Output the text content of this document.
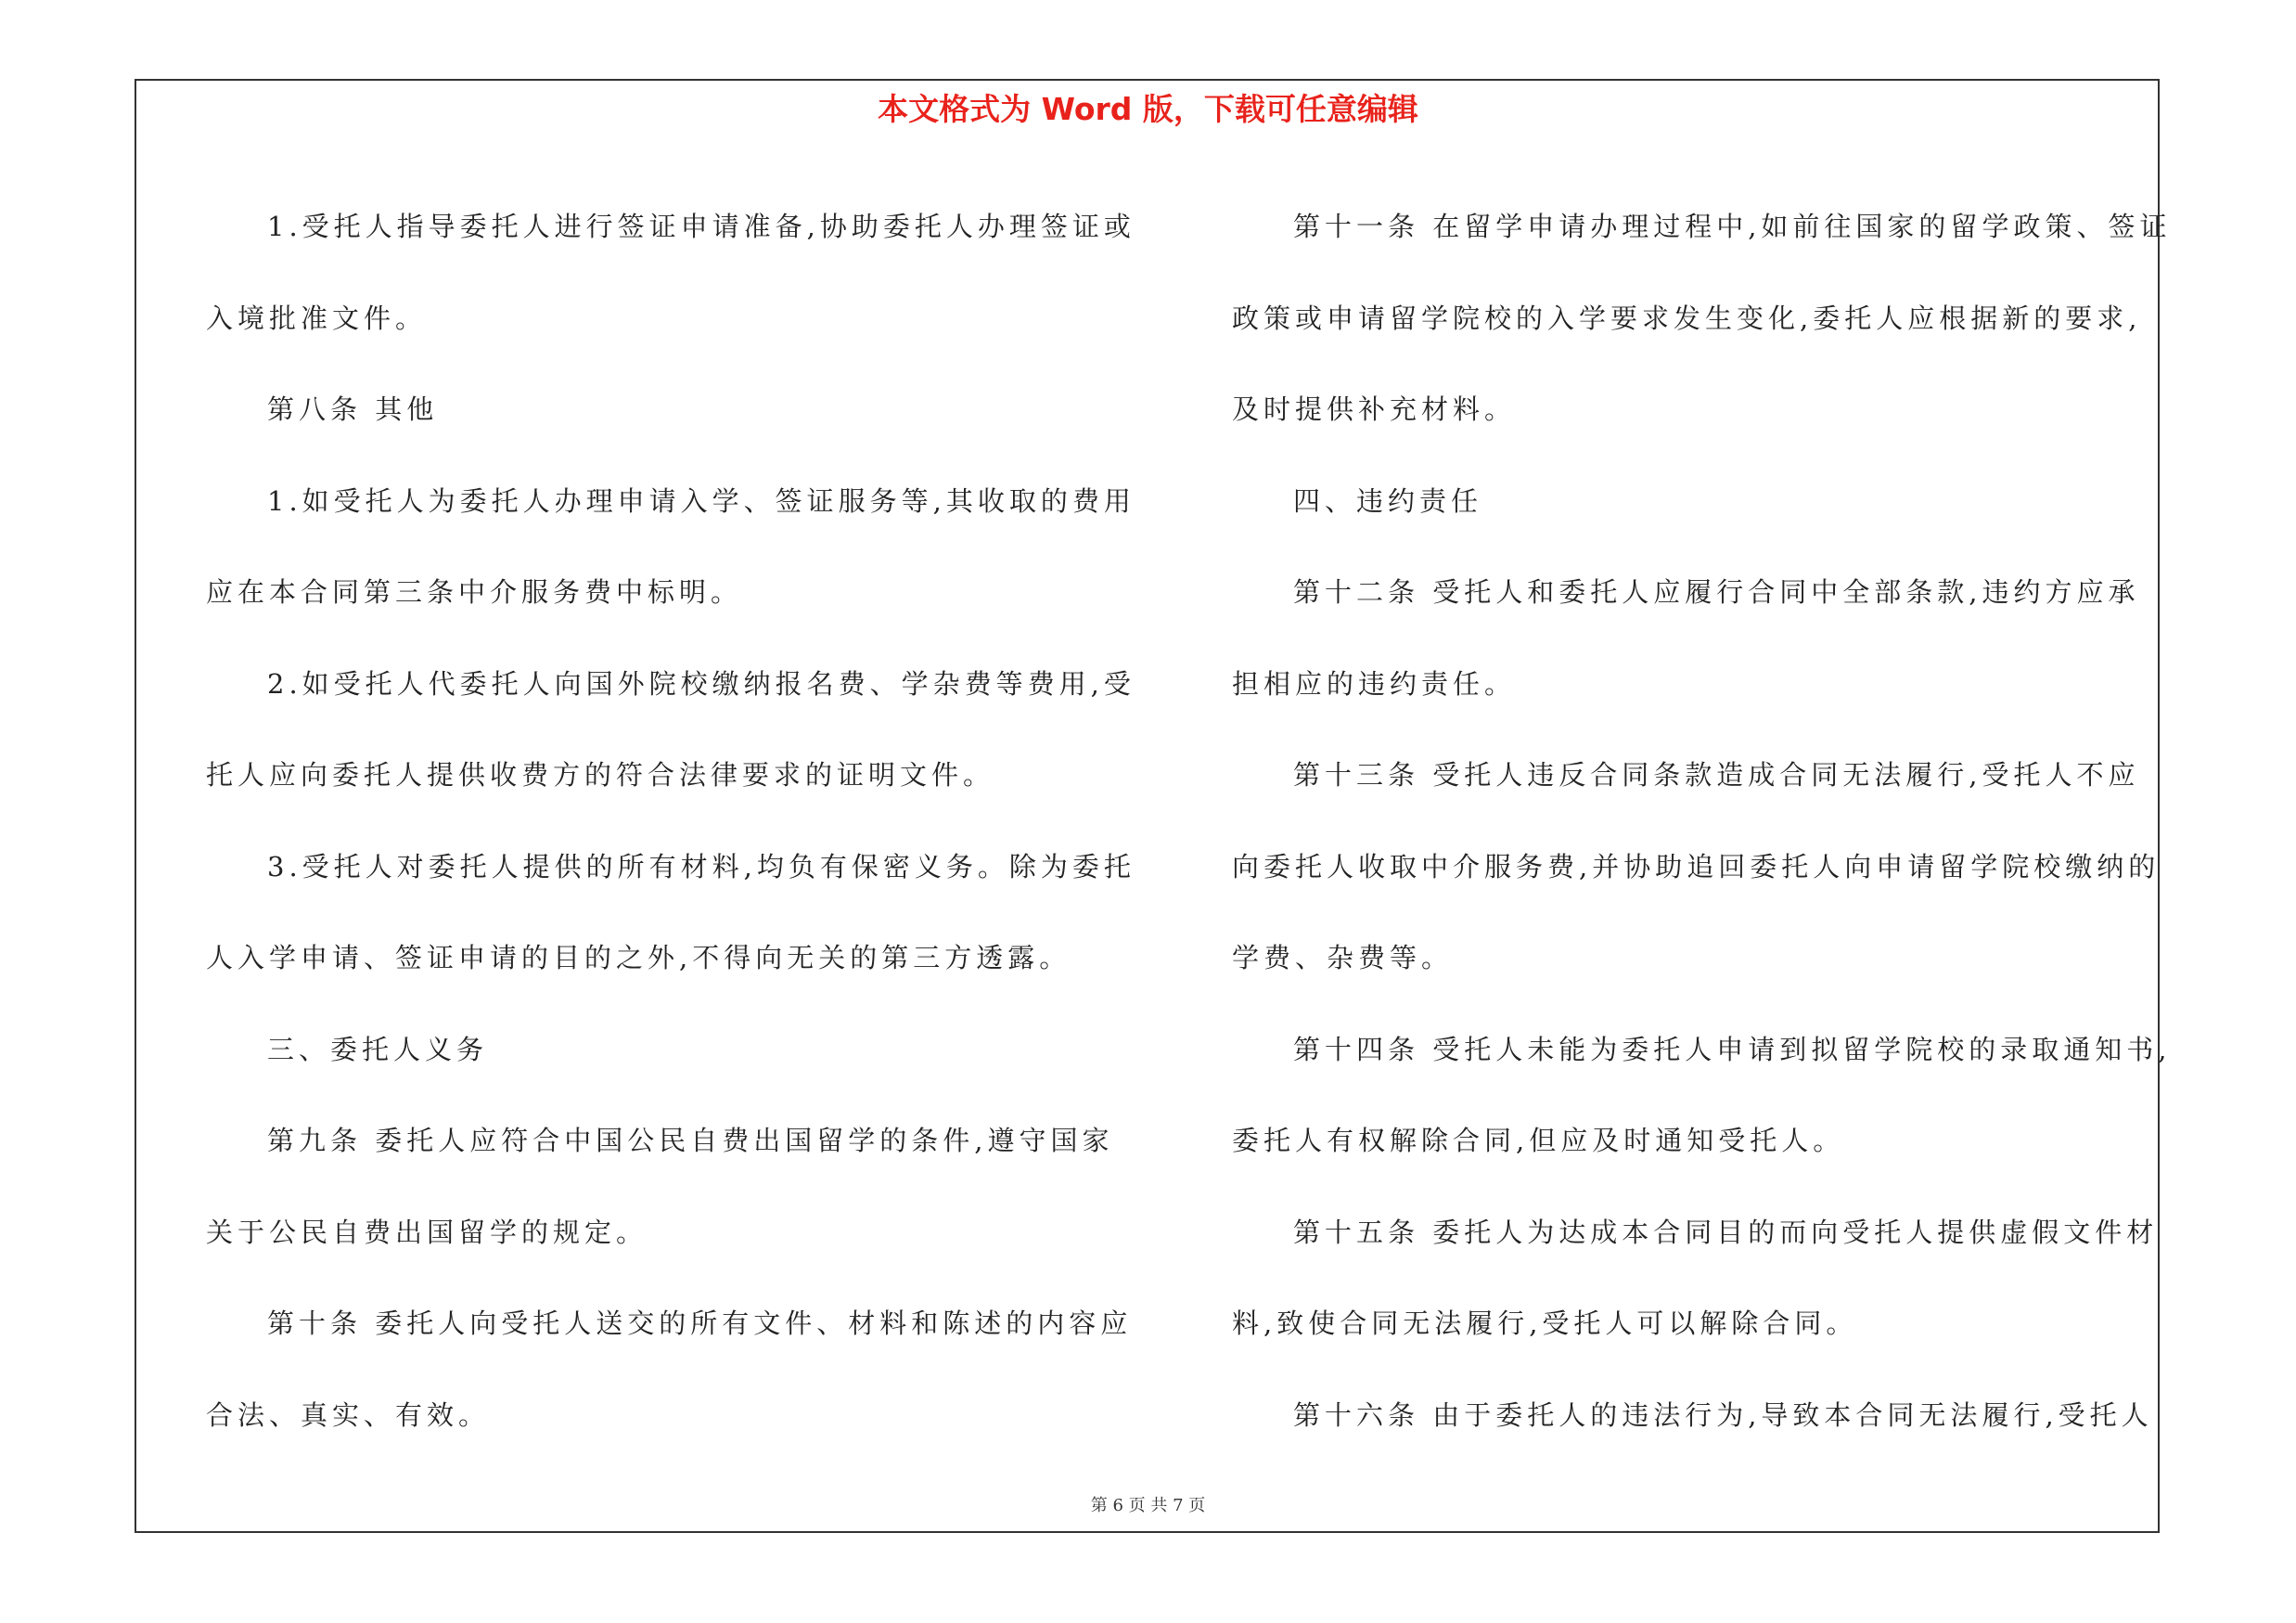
本文格式为 Word 版，下载可任意编辑

1.受托人指导委托人进行签证申请准备,协助委托人办理签证或

入境批准文件。

第八条 其他

1.如受托人为委托人办理申请入学、签证服务等,其收取的费用

应在本合同第三条中介服务费中标明。

2.如受托人代委托人向国外院校缴纳报名费、学杂费等费用,受

托人应向委托人提供收费方的符合法律要求的证明文件。

3.受托人对委托人提供的所有材料,均负有保密义务。除为委托

人入学申请、签证申请的目的之外,不得向无关的第三方透露。

三、委托人义务

第九条 委托人应符合中国公民自费出国留学的条件,遵守国家

关于公民自费出国留学的规定。

第十条 委托人向受托人送交的所有文件、材料和陈述的内容应

合法、真实、有效。

第十一条 在留学申请办理过程中,如前往国家的留学政策、签证

政策或申请留学院校的入学要求发生变化,委托人应根据新的要求,

及时提供补充材料。

四、违约责任

第十二条 受托人和委托人应履行合同中全部条款,违约方应承

担相应的违约责任。

第十三条 受托人违反合同条款造成合同无法履行,受托人不应

向委托人收取中介服务费,并协助追回委托人向申请留学院校缴纳的

学费、杂费等。

第十四条 受托人未能为委托人申请到拟留学院校的录取通知书,

委托人有权解除合同,但应及时通知受托人。

第十五条 委托人为达成本合同目的而向受托人提供虚假文件材

料,致使合同无法履行,受托人可以解除合同。

第十六条 由于委托人的违法行为,导致本合同无法履行,受托人

第 6 页 共 7 页
